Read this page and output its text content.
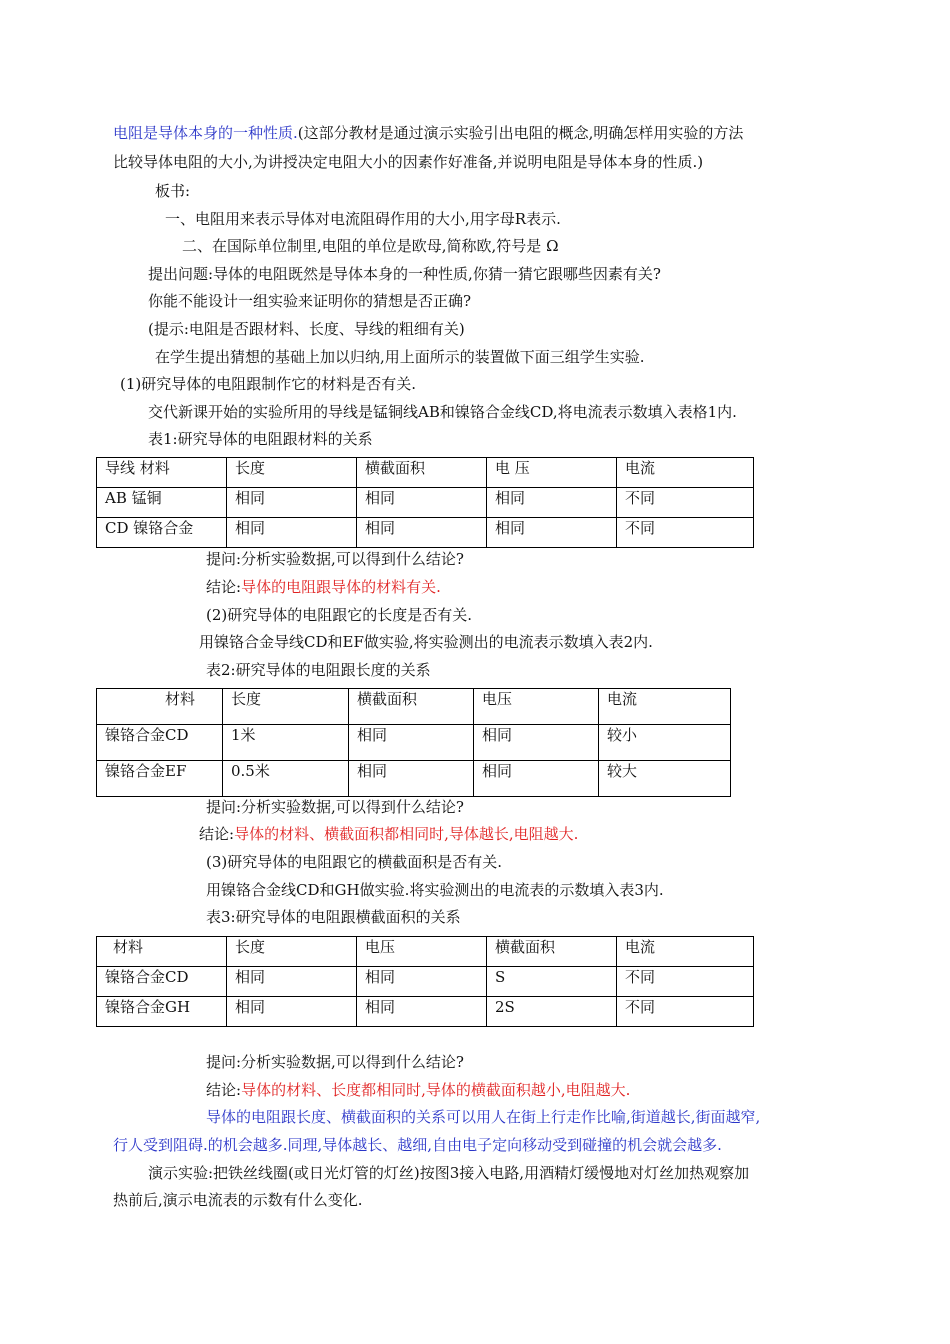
电阻是导体本身的一种性质.(这部分教材是通过演示实验引出电阻的概念,明确怎样用实验的方法
比较导体电阻的大小,为讲授决定电阻大小的因素作好准备,并说明电阻是导体本身的性质.)
板书:
一、电阻用来表示导体对电流阻碍作用的大小,用字母R表示.
二、在国际单位制里,电阻的单位是欧母,简称欧,符号是 Ω
提出问题:导体的电阻既然是导体本身的一种性质,你猜一猜它跟哪些因素有关?
你能不能设计一组实验来证明你的猜想是否正确?
(提示:电阻是否跟材料、长度、导线的粗细有关)
在学生提出猜想的基础上加以归纳,用上面所示的装置做下面三组学生实验.
(1)研究导体的电阻跟制作它的材料是否有关.
交代新课开始的实验所用的导线是锰铜线AB和镍铬合金线CD,将电流表示数填入表格1内.
表1:研究导体的电阻跟材料的关系
导线 材料	长度	横截面积	电 压	电流
AB 锰铜	相同	相同	相同	不同
CD 镍铬合金	相同	相同	相同	不同
提问:分析实验数据,可以得到什么结论?
结论:导体的电阻跟导体的材料有关.
(2)研究导体的电阻跟它的长度是否有关.
用镍铬合金导线CD和EF做实验,将实验测出的电流表示数填入表2内.
表2:研究导体的电阻跟长度的关系
材料	长度	横截面积	电压	电流
镍铬合金CD	1米	相同	相同	较小
镍铬合金EF	0.5米	相同	相同	较大
提问:分析实验数据,可以得到什么结论?
结论:导体的材料、横截面积都相同时,导体越长,电阻越大.
(3)研究导体的电阻跟它的横截面积是否有关.
用镍铬合金线CD和GH做实验.将实验测出的电流表的示数填入表3内.
表3:研究导体的电阻跟横截面积的关系
材料	长度	电压	横截面积	电流
镍铬合金CD	相同	相同	S	不同
镍铬合金GH	相同	相同	2S	不同
提问:分析实验数据,可以得到什么结论?
结论:导体的材料、长度都相同时,导体的横截面积越小,电阻越大.
导体的电阻跟长度、横截面积的关系可以用人在街上行走作比喻,街道越长,街面越窄,
行人受到阻碍.的机会越多.同理,导体越长、越细,自由电子定向移动受到碰撞的机会就会越多.
演示实验:把铁丝线圈(或日光灯管的灯丝)按图3接入电路,用酒精灯缓慢地对灯丝加热观察加
热前后,演示电流表的示数有什么变化.
